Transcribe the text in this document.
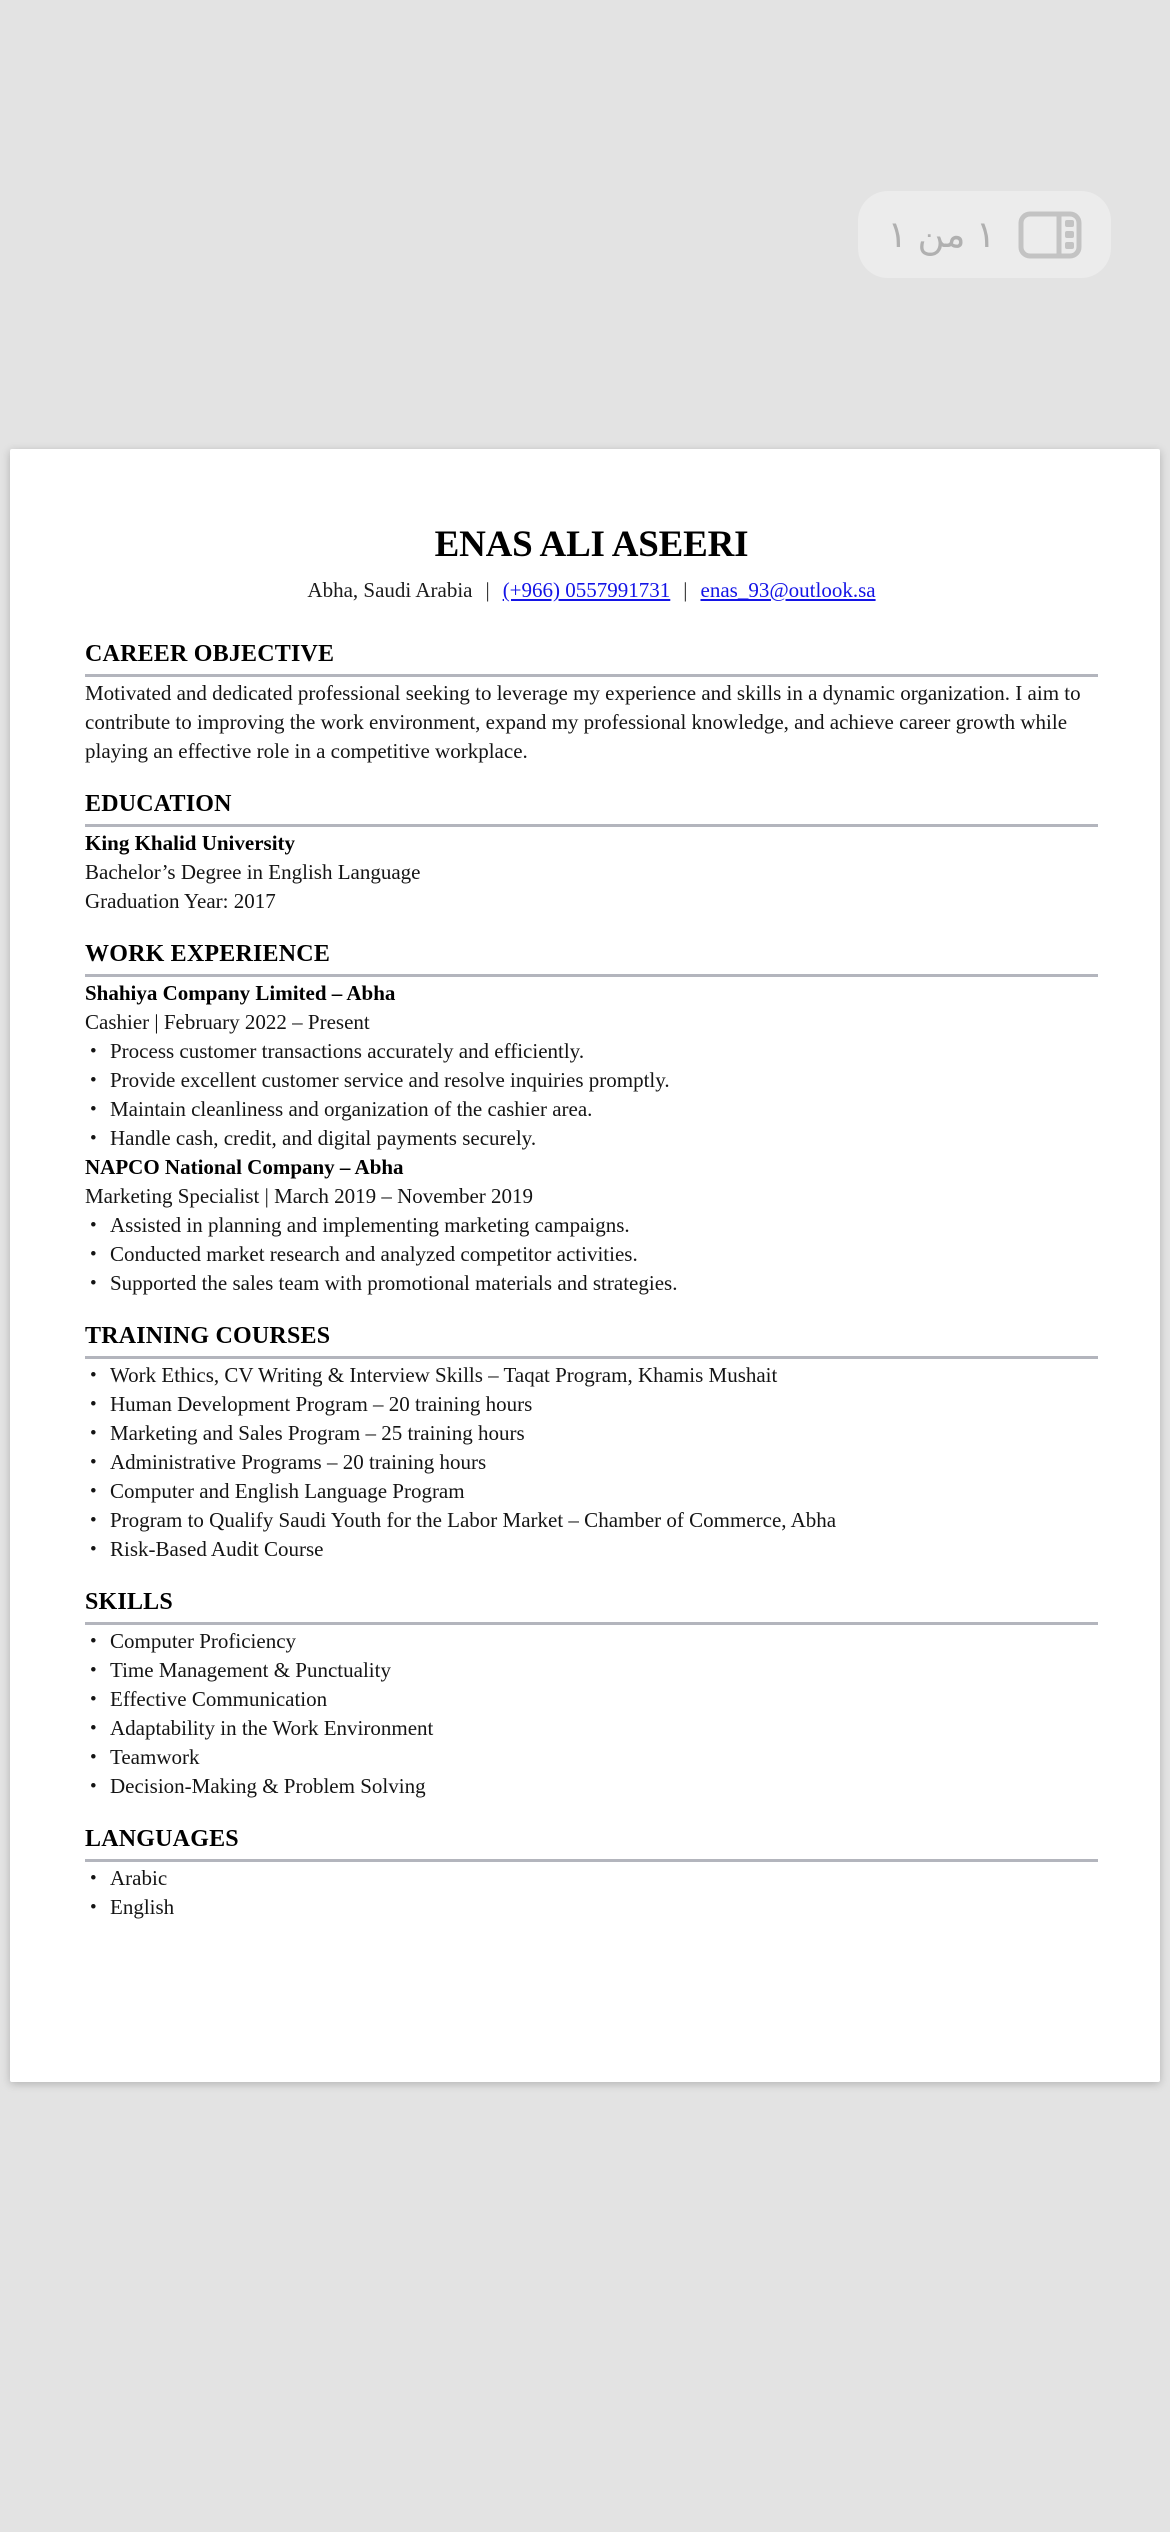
١ من ١
ENAS ALI ASEERI
Abha, Saudi Arabia | (+966) 0557991731 | enas_93@outlook.sa
CAREER OBJECTIVE
Motivated and dedicated professional seeking to leverage my experience and skills in a dynamic organization. I aim to contribute to improving the work environment, expand my professional knowledge, and achieve career growth while playing an effective role in a competitive workplace.
EDUCATION
King Khalid University
Bachelor’s Degree in English Language
Graduation Year: 2017
WORK EXPERIENCE
Shahiya Company Limited – Abha
Cashier | February 2022 – Present
• Process customer transactions accurately and efficiently.
• Provide excellent customer service and resolve inquiries promptly.
• Maintain cleanliness and organization of the cashier area.
• Handle cash, credit, and digital payments securely.
NAPCO National Company – Abha
Marketing Specialist | March 2019 – November 2019
• Assisted in planning and implementing marketing campaigns.
• Conducted market research and analyzed competitor activities.
• Supported the sales team with promotional materials and strategies.
TRAINING COURSES
• Work Ethics, CV Writing & Interview Skills – Taqat Program, Khamis Mushait
• Human Development Program – 20 training hours
• Marketing and Sales Program – 25 training hours
• Administrative Programs – 20 training hours
• Computer and English Language Program
• Program to Qualify Saudi Youth for the Labor Market – Chamber of Commerce, Abha
• Risk-Based Audit Course
SKILLS
• Computer Proficiency
• Time Management & Punctuality
• Effective Communication
• Adaptability in the Work Environment
• Teamwork
• Decision-Making & Problem Solving
LANGUAGES
• Arabic
• English
